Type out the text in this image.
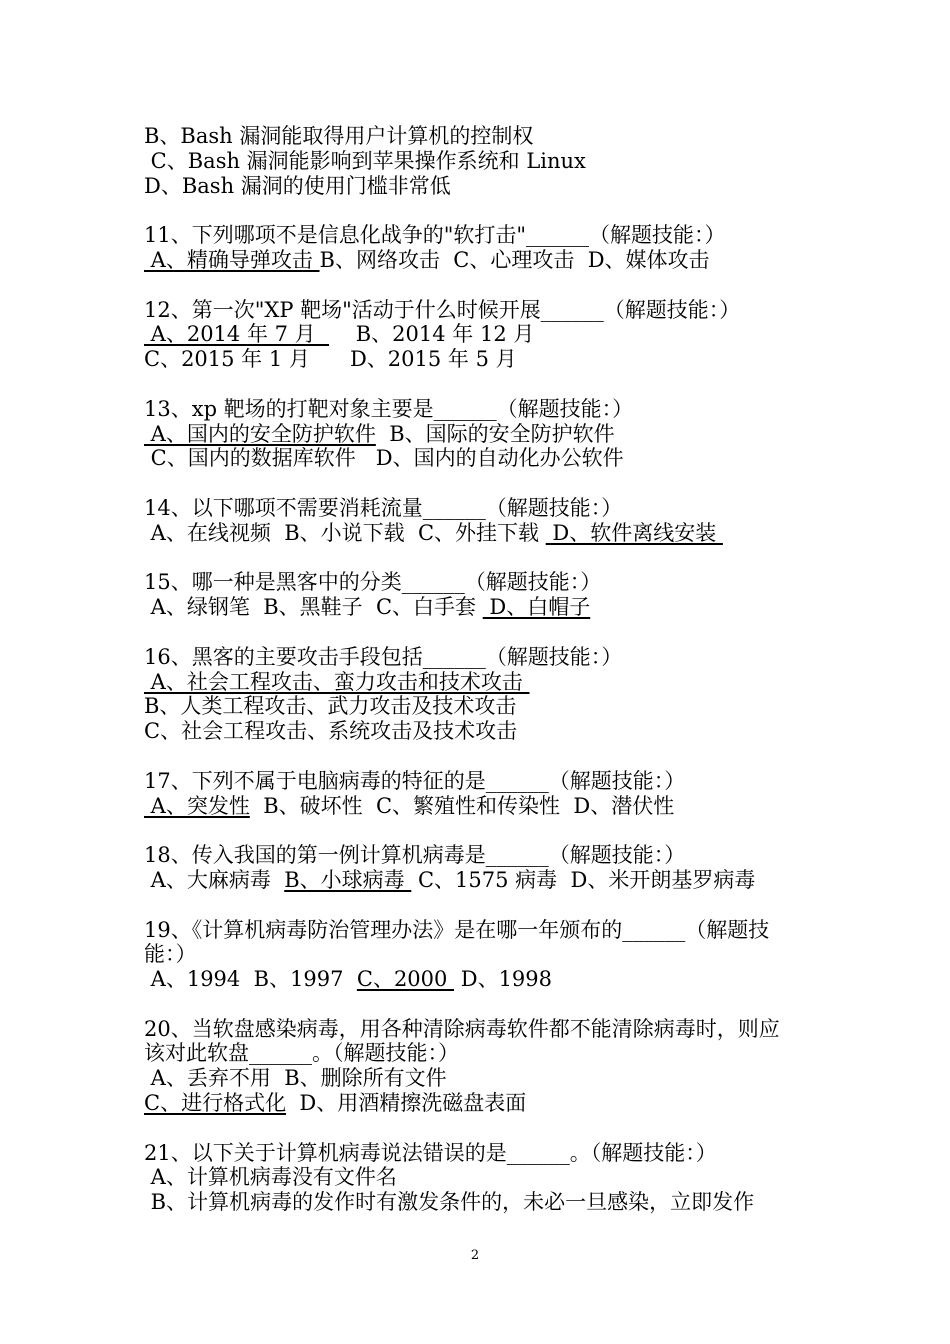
B、Bash 漏洞能取得用户计算机的控制权

C、Bash 漏洞能影响到苹果操作系统和 Linux

D、Bash 漏洞的使用门槛非常低

11、下列哪项不是信息化战争的"软打击"______（解题技能：）

A、精确导弹攻击 B、网络攻击  C、心理攻击  D、媒体攻击

12、第一次"XP 靶场"活动于什么时候开展______（解题技能：）

A、2014 年 7 月      B、2014 年 12 月

C、2015 年 1 月      D、2015 年 5 月

13、xp 靶场的打靶对象主要是______（解题技能：）

A、国内的安全防护软件  B、国际的安全防护软件

C、国内的数据库软件   D、国内的自动化办公软件

14、以下哪项不需要消耗流量______（解题技能：）

A、在线视频  B、小说下载  C、外挂下载  D、软件离线安装

15、哪一种是黑客中的分类______（解题技能：）

A、绿钢笔  B、黑鞋子  C、白手套  D、白帽子

16、黑客的主要攻击手段包括______（解题技能：）

A、社会工程攻击、蛮力攻击和技术攻击

B、人类工程攻击、武力攻击及技术攻击

C、社会工程攻击、系统攻击及技术攻击

17、下列不属于电脑病毒的特征的是______（解题技能：）

A、突发性  B、破坏性  C、繁殖性和传染性  D、潜伏性

18、传入我国的第一例计算机病毒是______（解题技能：）

A、大麻病毒  B、小球病毒  C、1575 病毒  D、米开朗基罗病毒

19、《计算机病毒防治管理办法》是在哪一年颁布的______（解题技

能：）

A、1994  B、1997  C、2000  D、1998

20、当软盘感染病毒，用各种清除病毒软件都不能清除病毒时，则应

该对此软盘______。（解题技能：）

A、丢弃不用  B、删除所有文件

C、进行格式化  D、用酒精擦洗磁盘表面

21、以下关于计算机病毒说法错误的是______。（解题技能：）

A、计算机病毒没有文件名

B、计算机病毒的发作时有激发条件的，未必一旦感染，立即发作

2
